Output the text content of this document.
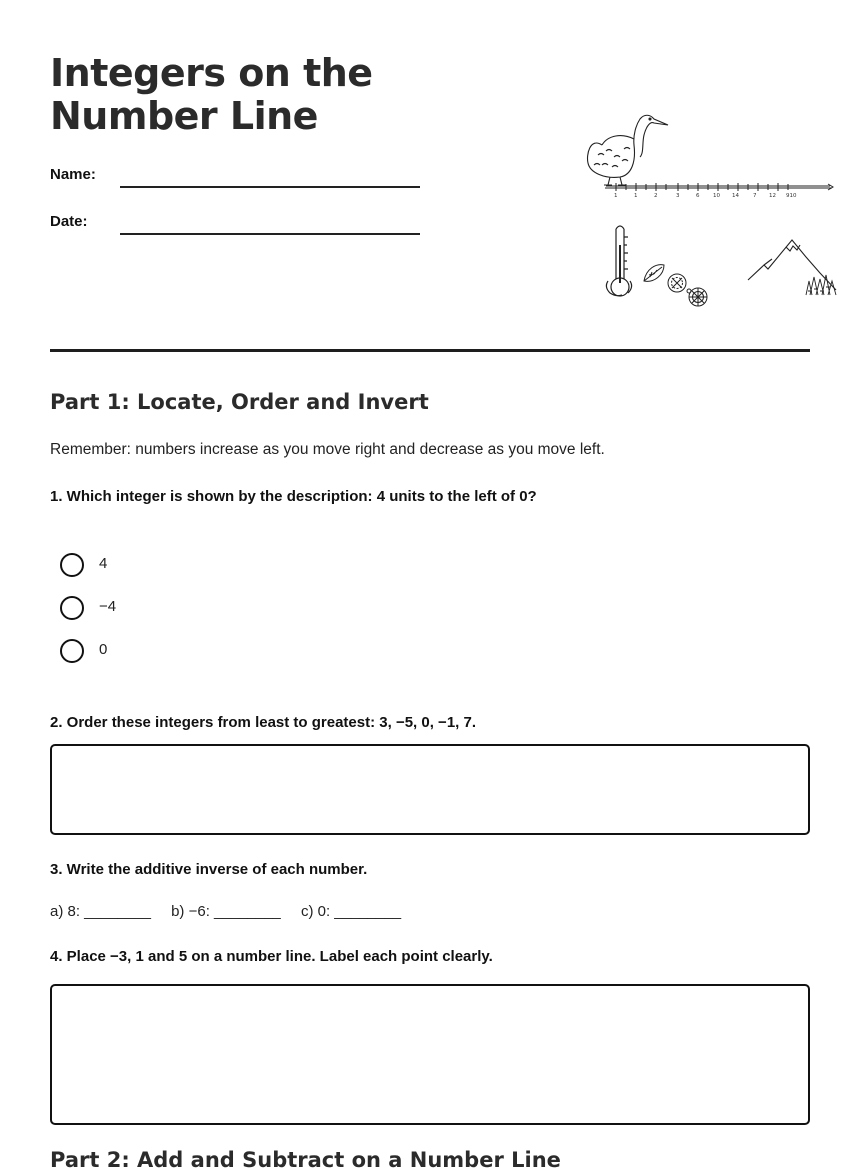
Integers on the Number Line
Name:
Date:
1	1	2	3	6 10 14	7 12 910
Part 1: Locate, Order and Invert
Remember: numbers increase as you move right and decrease as you move left.
1. Which integer is shown by the description: 4 units to the left of 0?
4
−4
0
2. Order these integers from least to greatest: 3, −5, 0, −1, 7.
3. Write the additive inverse of each number.
a) 8: ________ b) −6: ________ c) 0: ________
4. Place −3, 1 and 5 on a number line. Label each point clearly.
Part 2: Add and Subtract on a Number Line
